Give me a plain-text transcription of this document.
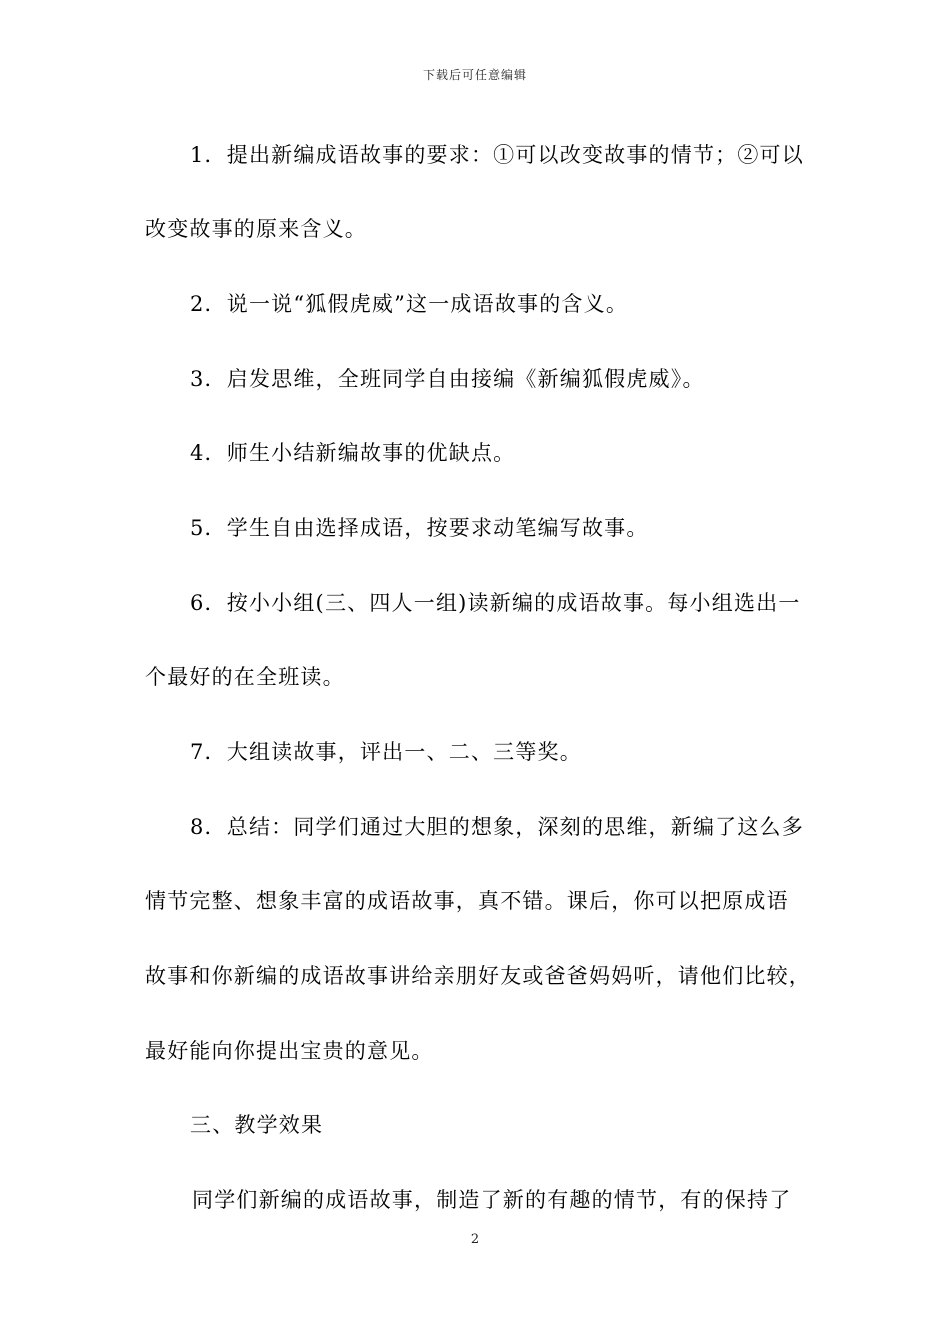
下载后可任意编辑
1．提出新编成语故事的要求：①可以改变故事的情节；②可以
改变故事的原来含义。
2．说一说“狐假虎威”这一成语故事的含义。
3．启发思维，全班同学自由接编《新编狐假虎威》。
4．师生小结新编故事的优缺点。
5．学生自由选择成语，按要求动笔编写故事。
6．按小小组(三、四人一组)读新编的成语故事。每小组选出一
个最好的在全班读。
7．大组读故事，评出一、二、三等奖。
8．总结：同学们通过大胆的想象，深刻的思维，新编了这么多
情节完整、想象丰富的成语故事，真不错。课后，你可以把原成语
故事和你新编的成语故事讲给亲朋好友或爸爸妈妈听，请他们比较，
最好能向你提出宝贵的意见。
三、教学效果
同学们新编的成语故事，制造了新的有趣的情节，有的保持了
2
